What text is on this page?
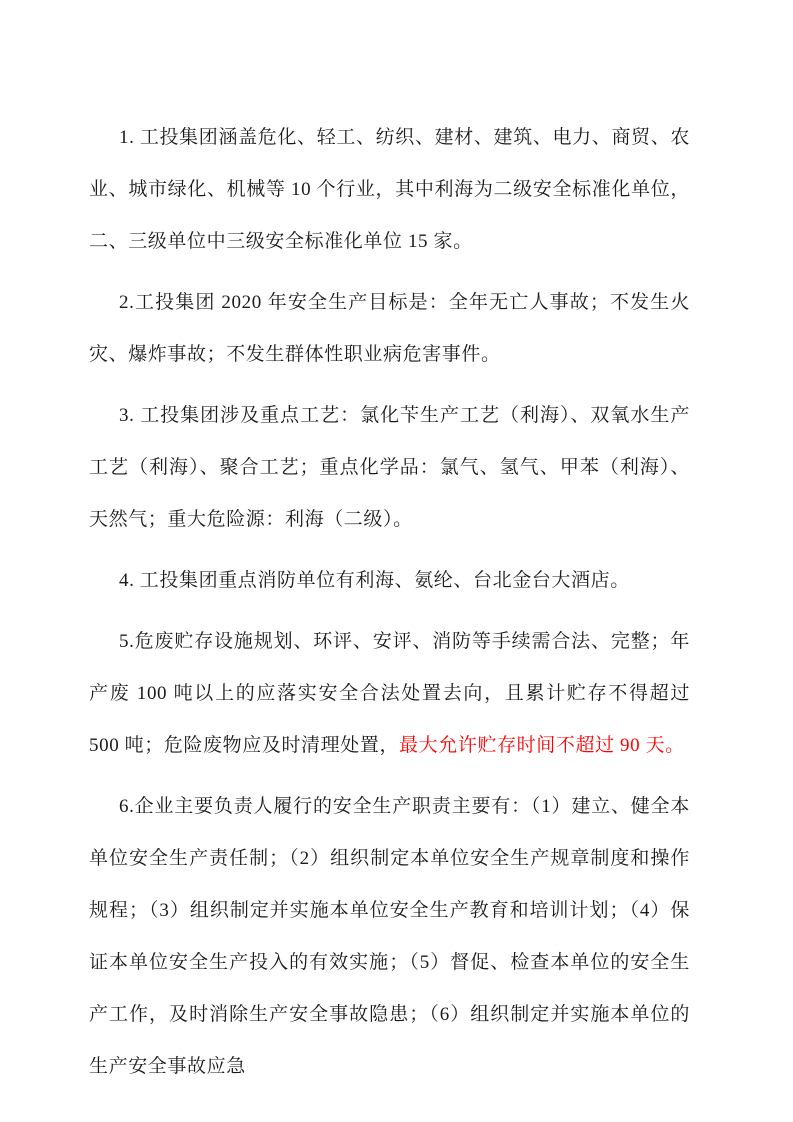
1. 工投集团涵盖危化、轻工、纺织、建材、建筑、电力、商贸、农业、城市绿化、机械等 10 个行业，其中利海为二级安全标准化单位，二、三级单位中三级安全标准化单位 15 家。

2.工投集团 2020 年安全生产目标是：全年无亡人事故；不发生火灾、爆炸事故；不发生群体性职业病危害事件。

3. 工投集团涉及重点工艺：氯化苄生产工艺（利海）、双氧水生产工艺（利海）、聚合工艺；重点化学品：氯气、氢气、甲苯（利海）、天然气；重大危险源：利海（二级）。

4. 工投集团重点消防单位有利海、氨纶、台北金台大酒店。

5.危废贮存设施规划、环评、安评、消防等手续需合法、完整；年产废 100 吨以上的应落实安全合法处置去向，且累计贮存不得超过 500 吨；危险废物应及时清理处置，最大允许贮存时间不超过 90 天。

6.企业主要负责人履行的安全生产职责主要有：（1）建立、健全本单位安全生产责任制；（2）组织制定本单位安全生产规章制度和操作规程；（3）组织制定并实施本单位安全生产教育和培训计划；（4）保证本单位安全生产投入的有效实施；（5）督促、检查本单位的安全生产工作，及时消除生产安全事故隐患；（6）组织制定并实施本单位的生产安全事故应急
